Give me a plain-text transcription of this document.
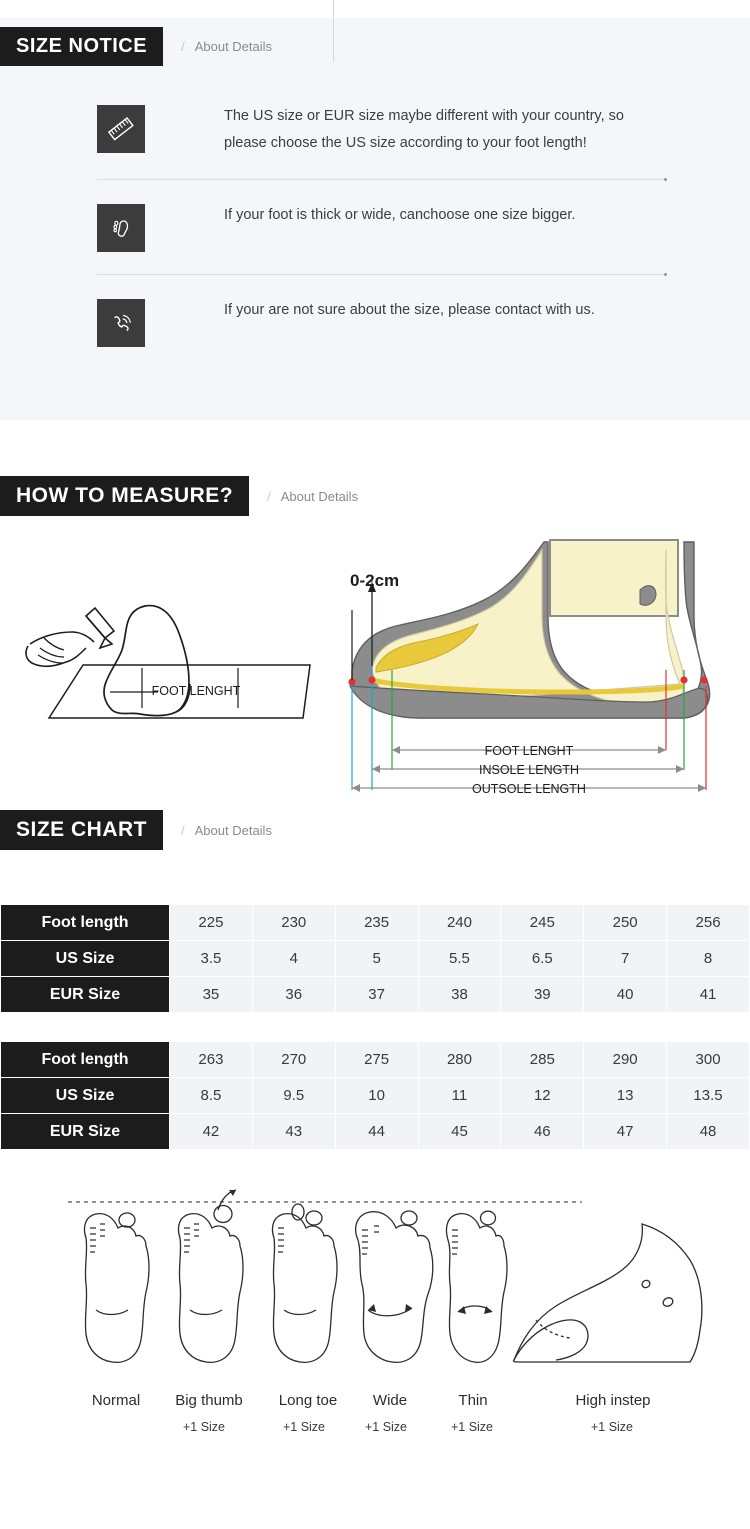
SIZE NOTICE	/ About Details
The US size or EUR size maybe different with your country, so please choose the US size according to your foot length!
If your foot is thick or wide, canchoose one size bigger.
If your are not sure about the size, please contact with us.
HOW TO MEASURE?	/ About Details
FOOT LENGHT
0-2cm
FOOT LENGHT
INSOLE LENGTH
OUTSOLE LENGTH
SIZE CHART	/ About Details
Foot length	225	230	235	240	245	250	256
US Size	3.5	4	5	5.5	6.5	7	8
EUR Size	35	36	37	38	39	40	41
Foot length	263	270	275	280	285	290	300
US Size	8.5	9.5	10	11	12	13	13.5
EUR Size	42	43	44	45	46	47	48
Normal	Big thumb	Long toe	Wide	Thin	High instep
+1 Size	+1 Size	+1 Size	+1 Size	+1 Size
